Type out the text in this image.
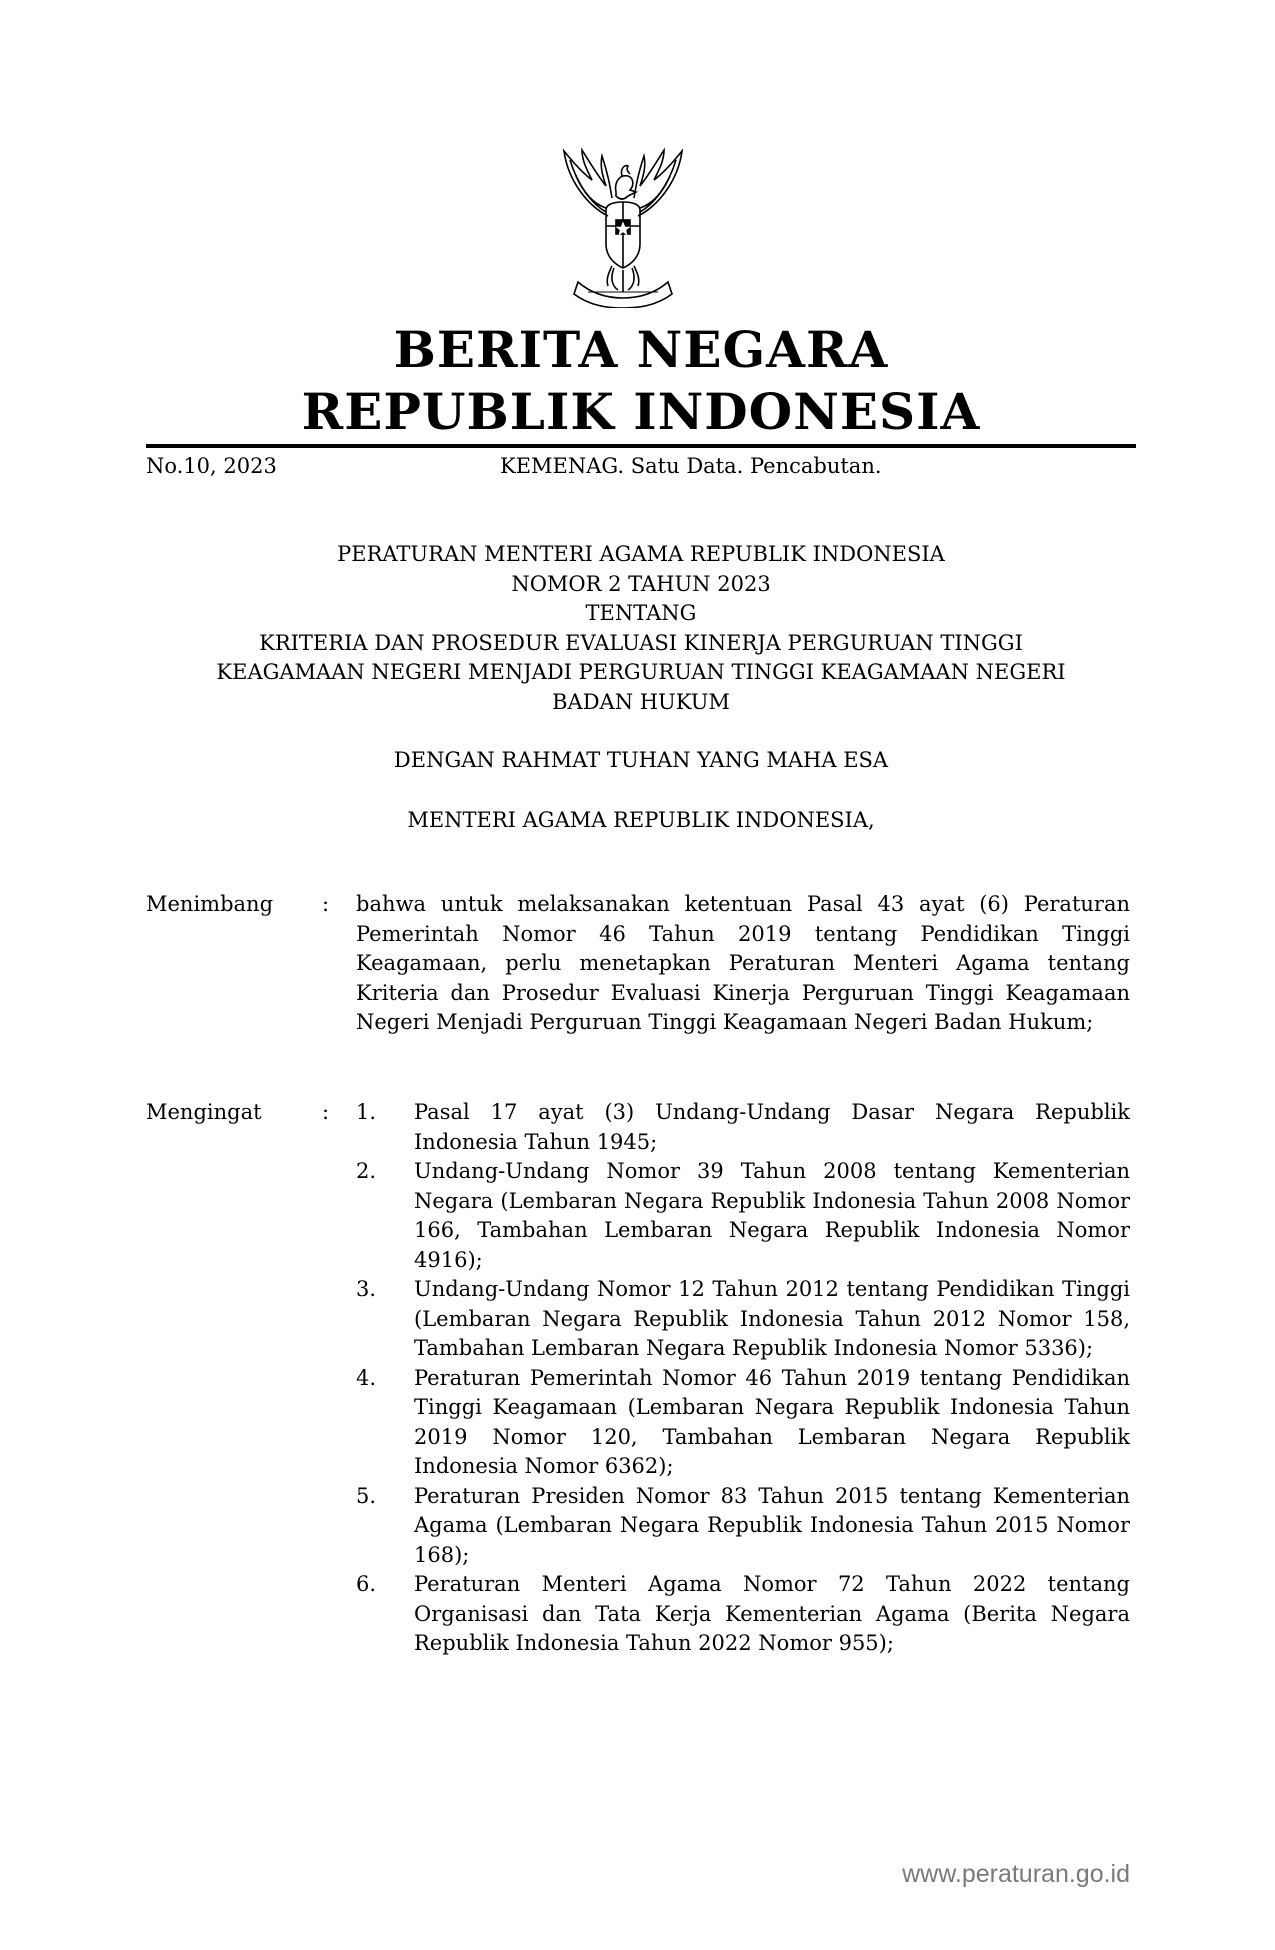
BERITA NEGARA
REPUBLIK INDONESIA
No.10, 2023	KEMENAG. Satu Data. Pencabutan.
PERATURAN MENTERI AGAMA REPUBLIK INDONESIA
NOMOR 2 TAHUN 2023
TENTANG
KRITERIA DAN PROSEDUR EVALUASI KINERJA PERGURUAN TINGGI
KEAGAMAAN NEGERI MENJADI PERGURUAN TINGGI KEAGAMAAN NEGERI
BADAN HUKUM
DENGAN RAHMAT TUHAN YANG MAHA ESA
MENTERI AGAMA REPUBLIK INDONESIA,
Menimbang : bahwa untuk melaksanakan ketentuan Pasal 43 ayat (6) Peraturan Pemerintah Nomor 46 Tahun 2019 tentang Pendidikan Tinggi Keagamaan, perlu menetapkan Peraturan Menteri Agama tentang Kriteria dan Prosedur Evaluasi Kinerja Perguruan Tinggi Keagamaan Negeri Menjadi Perguruan Tinggi Keagamaan Negeri Badan Hukum;

Mengingat	: 1. Pasal 17 ayat (3) Undang-Undang Dasar Negara Republik Indonesia Tahun 1945;
2. Undang-Undang Nomor 39 Tahun 2008 tentang Kementerian Negara (Lembaran Negara Republik Indonesia Tahun 2008 Nomor 166, Tambahan Lembaran Negara Republik Indonesia Nomor 4916);
3. Undang-Undang Nomor 12 Tahun 2012 tentang Pendidikan Tinggi (Lembaran Negara Republik Indonesia Tahun 2012 Nomor 158, Tambahan Lembaran Negara Republik Indonesia Nomor 5336);
4. Peraturan Pemerintah Nomor 46 Tahun 2019 tentang Pendidikan Tinggi Keagamaan (Lembaran Negara Republik Indonesia Tahun 2019 Nomor 120, Tambahan Lembaran Negara Republik Indonesia Nomor 6362);
5. Peraturan Presiden Nomor 83 Tahun 2015 tentang Kementerian Agama (Lembaran Negara Republik Indonesia Tahun 2015 Nomor 168);
6. Peraturan Menteri Agama Nomor 72 Tahun 2022 tentang Organisasi dan Tata Kerja Kementerian Agama (Berita Negara Republik Indonesia Tahun 2022 Nomor 955);
www.peraturan.go.id
